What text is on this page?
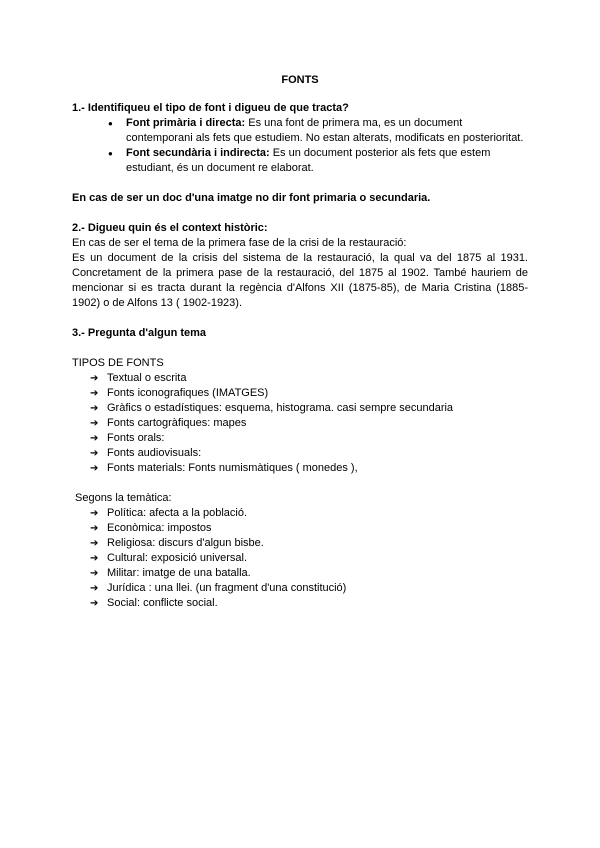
FONTS
1.- Identifiqueu el tipo de font i digueu de que tracta?
● Font primària i directa: Es una font de primera ma, es un document contemporani als fets que estudiem. No estan alterats, modificats en posterioritat.
● Font secundària i indirecta: Es un document posterior als fets que estem estudiant, és un document re elaborat.
En cas de ser un doc d'una imatge no dir font primaria o secundaria.
2.- Digueu quin és el context històric:

En cas de ser el tema de la primera fase de la crisi de la restauració:

Es un document de la crisis del sistema de la restauració, la qual va del 1875 al 1931. Concretament de la primera pase de la restauració, del 1875 al 1902. També hauriem de mencionar si es tracta durant la regència d'Alfons XII (1875-85), de Maria Cristina (1885-1902) o de Alfons 13 ( 1902-1923).

3.- Pregunta d'algun tema

TIPOS DE FONTS

➔ Textual o escrita
➔ Fonts iconografiques (IMATGES)
➔ Gràfics o estadístiques: esquema, histograma. casi sempre secundaria
➔ Fonts cartogràfiques: mapes
➔ Fonts orals:
➔ Fonts audiovisuals:
➔ Fonts materials: Fonts numismàtiques ( monedes ),

Segons la temàtica:

➔ Política: afecta a la població.
➔ Econòmica: impostos
➔ Religiosa: discurs d'algun bisbe.
➔ Cultural: exposició universal.
➔ Militar: imatge de una batalla.
➔ Jurídica : una llei. (un fragment d'una constitució)
➔ Social: conflicte social.
